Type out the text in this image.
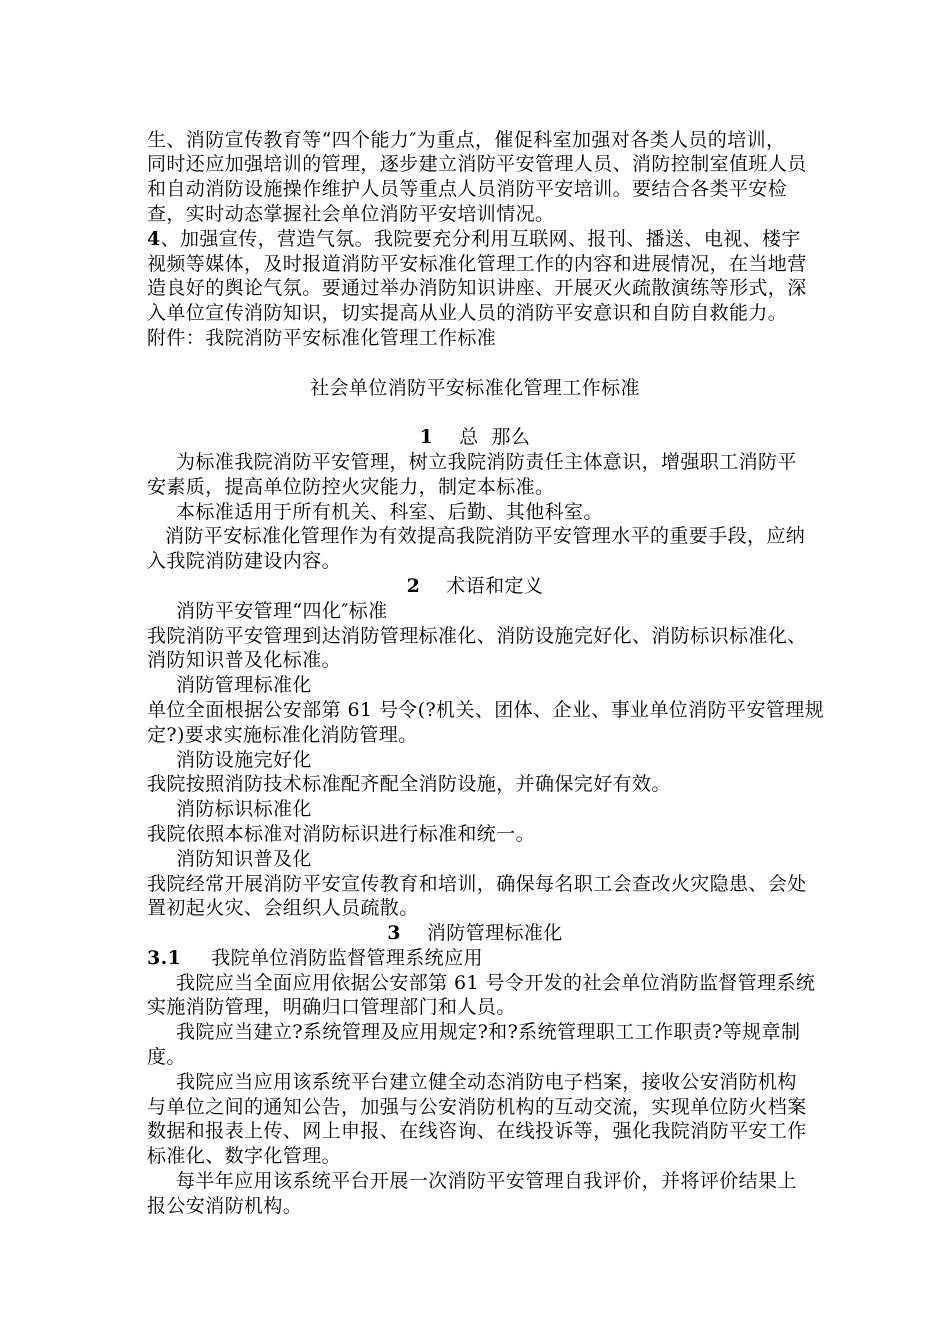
生、消防宣传教育等“四个能力″为重点，催促科室加强对各类人员的培训，
同时还应加强培训的管理，逐步建立消防平安管理人员、消防控制室值班人员
和自动消防设施操作维护人员等重点人员消防平安培训。要结合各类平安检
查，实时动态掌握社会单位消防平安培训情况。
4、加强宣传，营造气氛。我院要充分利用互联网、报刊、播送、电视、楼宇
视频等媒体，及时报道消防平安标准化管理工作的内容和进展情况，在当地营
造良好的舆论气氛。要通过举办消防知识讲座、开展灭火疏散演练等形式，深
入单位宣传消防知识，切实提高从业人员的消防平安意识和自防自救能力。
附件：我院消防平安标准化管理工作标准
社会单位消防平安标准化管理工作标准
1 总  那么
为标准我院消防平安管理，树立我院消防责任主体意识，增强职工消防平
安素质，提高单位防控火灾能力，制定本标准。
本标准适用于所有机关、科室、后勤、其他科室。
消防平安标准化管理作为有效提高我院消防平安管理水平的重要手段，应纳
入我院消防建设内容。
2 术语和定义
消防平安管理“四化″标准
我院消防平安管理到达消防管理标准化、消防设施完好化、消防标识标准化、
消防知识普及化标准。
消防管理标准化
单位全面根据公安部第 61 号令(?机关、团体、企业、事业单位消防平安管理规
定?)要求实施标准化消防管理。
消防设施完好化
我院按照消防技术标准配齐配全消防设施，并确保完好有效。
消防标识标准化
我院依照本标准对消防标识进行标准和统一。
消防知识普及化
我院经常开展消防平安宣传教育和培训，确保每名职工会查改火灾隐患、会处
置初起火灾、会组织人员疏散。
3 消防管理标准化
3.1 我院单位消防监督管理系统应用
我院应当全面应用依据公安部第 61 号令开发的社会单位消防监督管理系统
实施消防管理，明确归口管理部门和人员。
我院应当建立?系统管理及应用规定?和?系统管理职工工作职责?等规章制
度。
我院应当应用该系统平台建立健全动态消防电子档案，接收公安消防机构
与单位之间的通知公告，加强与公安消防机构的互动交流，实现单位防火档案
数据和报表上传、网上申报、在线咨询、在线投诉等，强化我院消防平安工作
标准化、数字化管理。
每半年应用该系统平台开展一次消防平安管理自我评价，并将评价结果上
报公安消防机构。
